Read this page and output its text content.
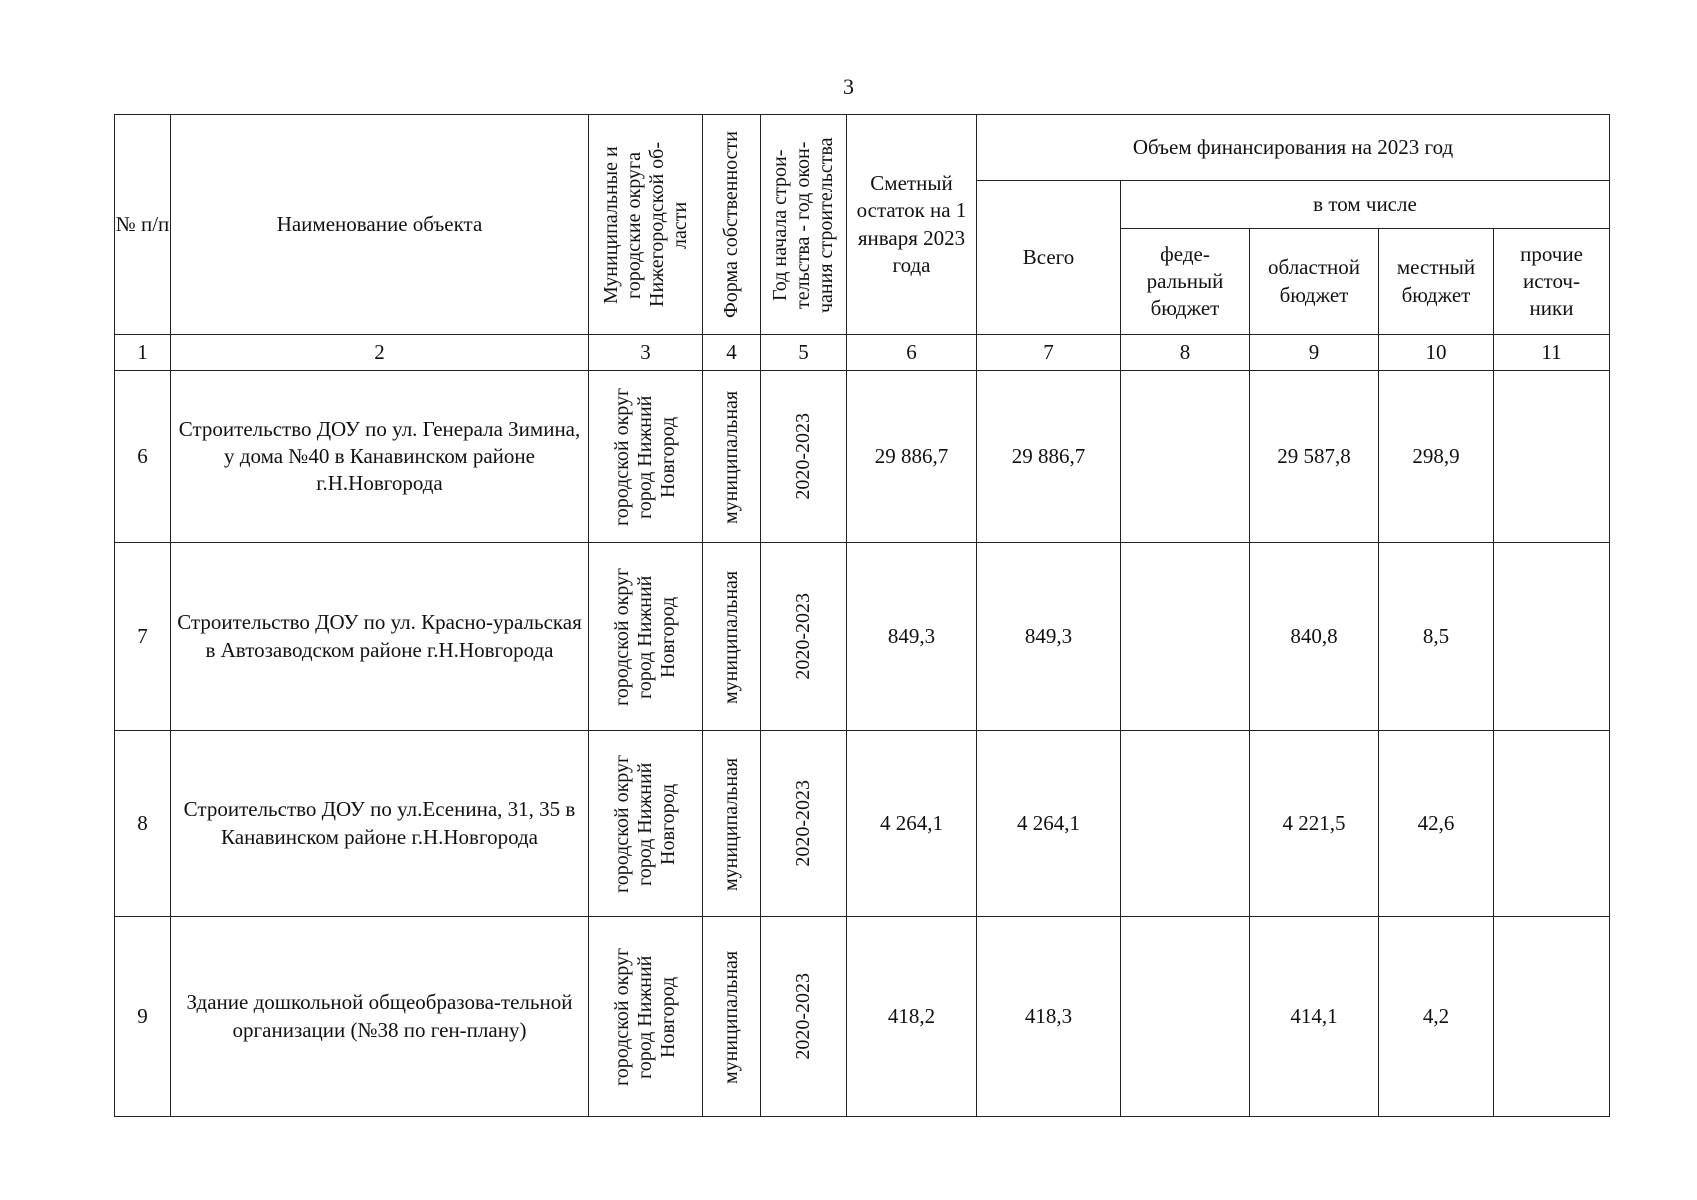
3
№ п/п	Наименование объекта	Муниципальные и городские округа Нижегородской об-ласти	Форма собственности	Год начала строи-тельства - год окон-чания строительства	Сметный остаток на 1 января 2023 года	Объем финансирования на 2023 год				
						Всего	в том числе			
							феде-ральный бюджет	областной бюджет	местный бюджет	прочие источ-ники
1	2	3	4	5	6	7	8	9	10	11
6	Строительство ДОУ по ул. Генерала Зимина, у дома №40 в Канавинском районе г.Н.Новгорода	городской округ город Нижний Новгород	муниципальная	2020-2023	29 886,7	29 886,7		29 587,8	298,9	
7	Строительство ДОУ по ул. Красно-уральская в Автозаводском районе г.Н.Новгорода	городской округ город Нижний Новгород	муниципальная	2020-2023	849,3	849,3		840,8	8,5	
8	Строительство ДОУ по ул.Есенина, 31, 35 в Канавинском районе г.Н.Новгорода	городской округ город Нижний Новгород	муниципальная	2020-2023	4 264,1	4 264,1		4 221,5	42,6	
9	Здание дошкольной общеобразова-тельной организации (№38 по ген-плану)	городской округ город Нижний Новгород	муниципальная	2020-2023	418,2	418,3		414,1	4,2	
